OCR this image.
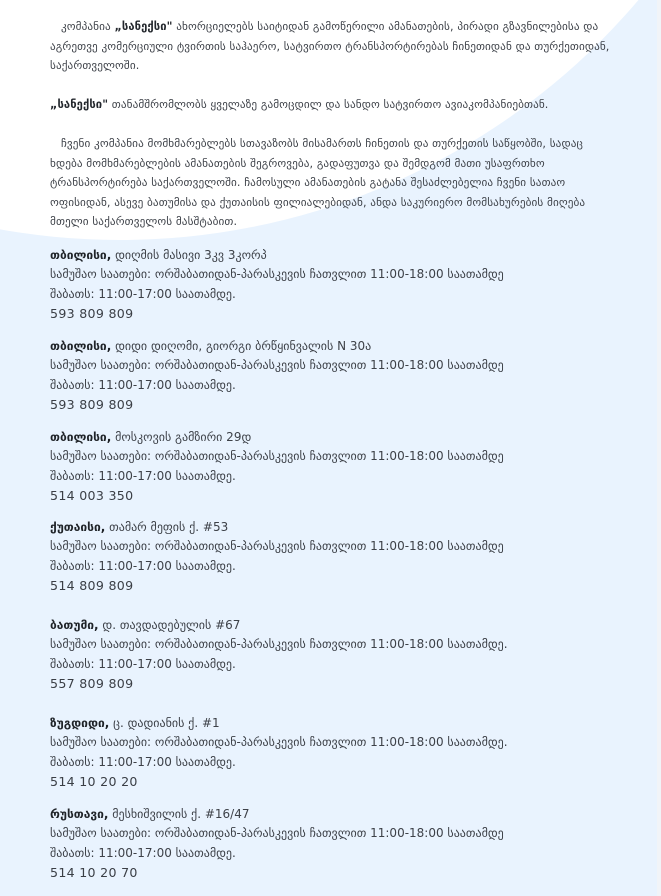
კომპანია „სანექსი" ახორციელებს საიტიდან გამოწერილი ამანათების, პირადი გზავნილებისა და აგრეთვე კომერციული ტვირთის საჰაერო, სატვირთო ტრანსპორტირებას ჩინეთიდან და თურქეთიდან, საქართველოში.

„სანექსი" თანამშრომლობს ყველაზე გამოცდილ და სანდო სატვირთო ავიაკომპანიებთან.

ჩვენი კომპანია მომხმარებლებს სთავაზობს მისამართს ჩინეთის და თურქეთის საწყობში, სადაც ხდება მომხმარებლების ამანათების შეგროვება, გადაფუთვა და შემდგომ მათი უსაფრთხო ტრანსპორტირება საქართველოში. ჩამოსული ამანათების გატანა შესაძლებელია ჩვენი სათაო ოფისიდან, ასევე ბათუმისა და ქუთაისის ფილიალებიდან, ანდა საკურიერო მომსახურების მიღება მთელი საქართველოს მასშტაბით.

თბილისი, დიღმის მასივი 3კვ 3კორპ
სამუშაო საათები: ორშაბათიდან-პარასკევის ჩათვლით 11:00-18:00 საათამდე
შაბათს: 11:00-17:00 საათამდე.
593 809 809
თბილისი, დიდი დიღომი, გიორგი ბრწყინვალის N 30ა
სამუშაო საათები: ორშაბათიდან-პარასკევის ჩათვლით 11:00-18:00 საათამდე
შაბათს: 11:00-17:00 საათამდე.
593 809 809
თბილისი, მოსკოვის გამზირი 29დ
სამუშაო საათები: ორშაბათიდან-პარასკევის ჩათვლით 11:00-18:00 საათამდე
შაბათს: 11:00-17:00 საათამდე.
514 003 350
ქუთაისი, თამარ მეფის ქ. #53
სამუშაო საათები: ორშაბათიდან-პარასკევის ჩათვლით 11:00-18:00 საათამდე
შაბათს: 11:00-17:00 საათამდე.
514 809 809
ბათუმი, დ. თავდადებულის #67
სამუშაო საათები: ორშაბათიდან-პარასკევის ჩათვლით 11:00-18:00 საათამდე.
შაბათს: 11:00-17:00 საათამდე.
557 809 809
ზუგდიდი, ც. დადიანის ქ. #1
სამუშაო საათები: ორშაბათიდან-პარასკევის ჩათვლით 11:00-18:00 საათამდე.
შაბათს: 11:00-17:00 საათამდე.
514 10 20 20
რუსთავი, მესხიშვილის ქ. #16/47
სამუშაო საათები: ორშაბათიდან-პარასკევის ჩათვლით 11:00-18:00 საათამდე
შაბათს: 11:00-17:00 საათამდე.
514 10 20 70
